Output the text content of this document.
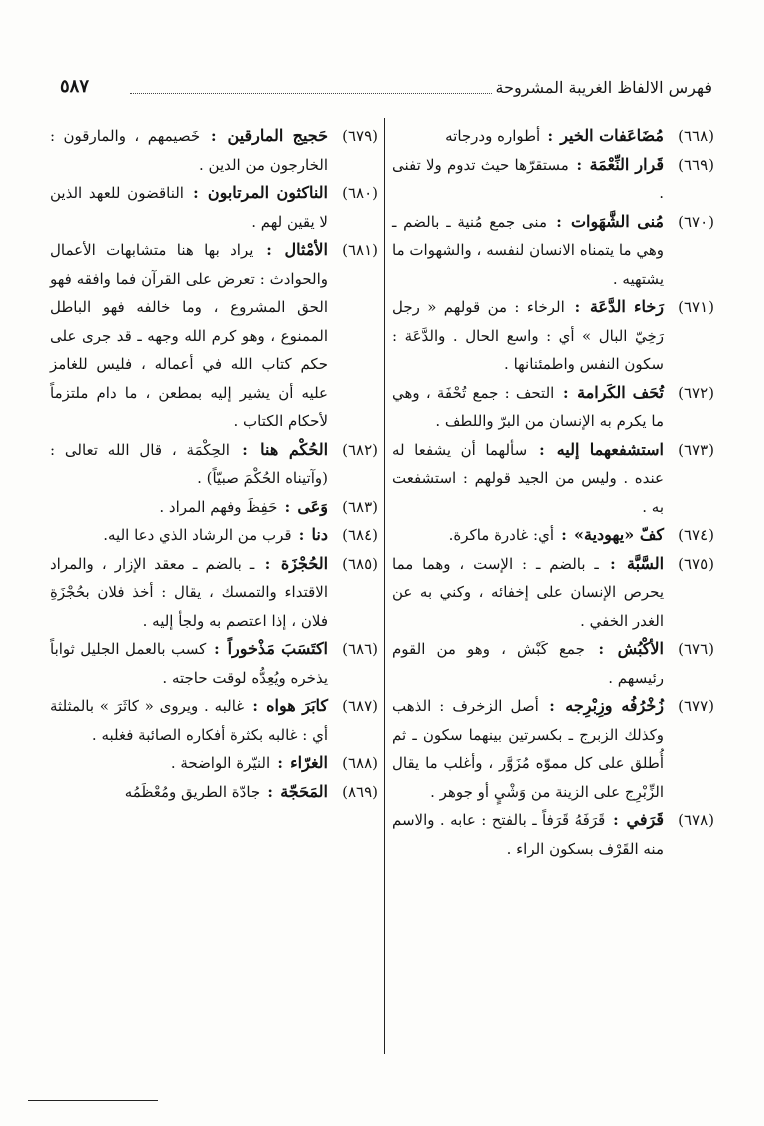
فهرس الالفاظ الغريبة المشروحة
٥٨٧
(٦٦٨)
مُضَاعَفات الخير : أطواره ودرجاته
(٦٦٩)
قَرار النِّعْمَة : مستقرّها حيث تدوم ولا تفنى .
(٦٧٠)
مُنى الشَّهَوات : منى جمع مُنية ـ بالضم ـ وهي ما يتمناه الانسان لنفسه ، والشهوات ما يشتهيه .
(٦٧١)
رَخاء الدَّعَة : الرخاء : من قولهم « رجل رَخِيّ البال » أي : واسع الحال . والدَّعَة : سكون النفس واطمئنانها .
(٦٧٢)
تُحَف الكَرامة : التحف : جمع تُحْفَة ، وهي ما يكرم به الإنسان من البرّ واللطف .
(٦٧٣)
استشفعهما إليه : سألهما أن يشفعا له عنده . وليس من الجيد قولهم : استشفعت به .
(٦٧٤)
كفّ «يهودية» : أي: غادرة ماكرة.
(٦٧٥)
السَّبَّة : ـ بالضم ـ : الإست ، وهما مما يحرص الإنسان على إخفائه ، وكني به عن الغدر الخفي .
(٦٧٦)
الأكْبُش : جمع كَبْش ، وهو من القوم رئيسهم .
(٦٧٧)
زُخْرُفُه وزِبْرِجه : أصل الزخرف : الذهب وكذلك الزبرج ـ بكسرتين بينهما سكون ـ ثم أُطلق على كل مموّه مُزَوَّر ، وأغلب ما يقال الزِّبْرِج على الزينة من وَشْيٍ أو جوهر .
(٦٧٨)
قَرَفي : قَرَفَهُ قَرَفاً ـ بالفتح : عابه . والاسم منه القَرْف بسكون الراء .
(٦٧٩)
حَجيج المارقين : خَصيمهم ، والمارقون : الخارجون من الدين .
(٦٨٠)
الناكثون المرتابون : الناقضون للعهد الذين لا يقين لهم .
(٦٨١)
الأمْثال : يراد بها هنا متشابهات الأعمال والحوادث : تعرض على القرآن فما وافقه فهو الحق المشروع ، وما خالفه فهو الباطل الممنوع ، وهو كرم الله وجهه ـ قد جرى على حكم كتاب الله في أعماله ، فليس للغامز عليه أن يشير إليه بمطعن ، ما دام ملتزماً لأحكام الكتاب .
(٦٨٢)
الحُكْم هنا : الحِكْمَة ، قال الله تعالى : (وآتيناه الحُكْمَ صبيّاً) .
(٦٨٣)
وَعَى : حَفِظَ وفهم المراد .
(٦٨٤)
دنا : قرب من الرشاد الذي دعا اليه.
(٦٨٥)
الحُجْزَة : ـ بالضم ـ معقد الإزار ، والمراد الاقتداء والتمسك ، يقال : أخذ فلان بحُجْزَةِ فلان ، إذا اعتصم به ولجأ إليه .
(٦٨٦)
اكتَسَبَ مَذْخوراً : كسب بالعمل الجليل ثواباً يذخره ويُعِدُّه لوقت حاجته .
(٦٨٧)
كابَرَ هواه : غالبه . ويروى « كاثَرَ » بالمثلثة أي : غالبه بكثرة أفكاره الصائبة فغلبه .
(٦٨٨)
الغرّاء : النيّرة الواضحة .
(٨٦٩)
المَحَجّة : جادّة الطريق ومُعْظَمُه
